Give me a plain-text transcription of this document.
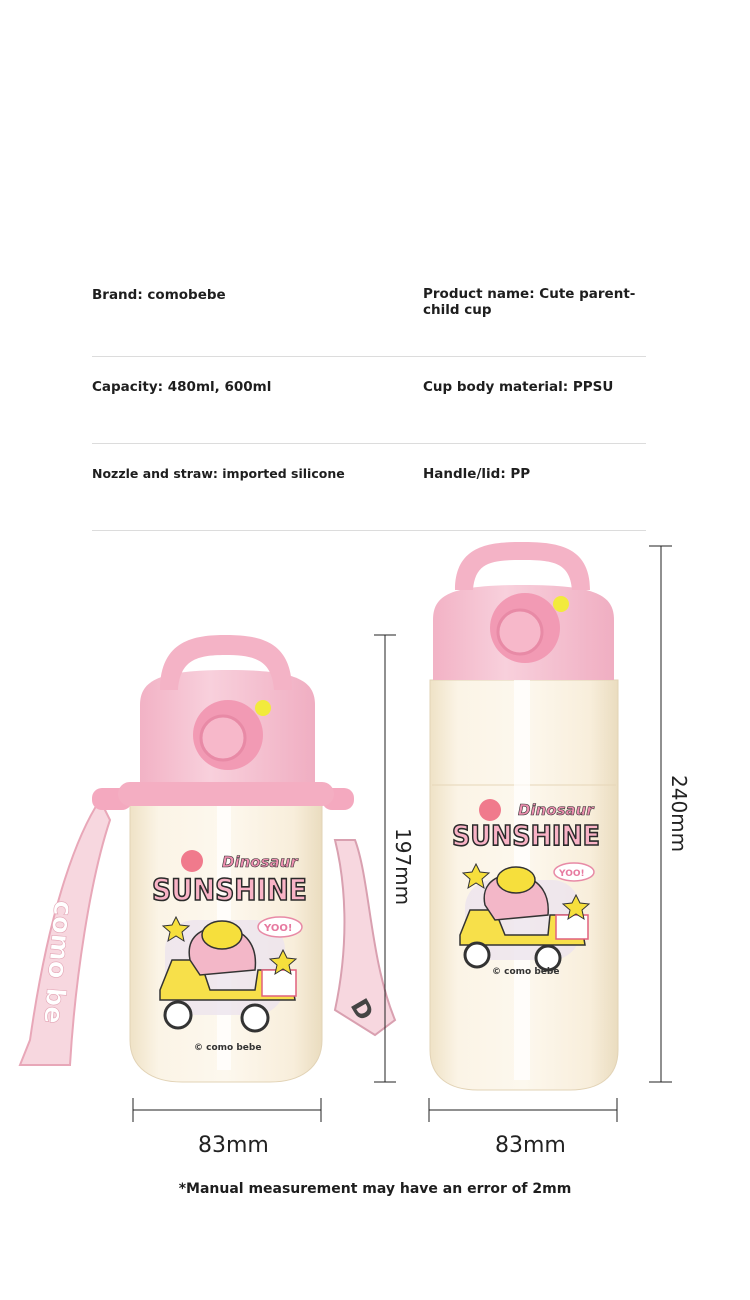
Brand: comobebe	Product name: Cute parent-child cup
Capacity: 480ml, 600ml	Cup body material: PPSU
Nozzle and straw: imported silicone	Handle/lid: PP
como be	D
Dinosaur
SUNSHINE
YOO!
© como bebe
197mm
Dinosaur
SUNSHINE
YOO!
© como bebe
240mm
83mm	83mm
*Manual measurement may have an error of 2mm
